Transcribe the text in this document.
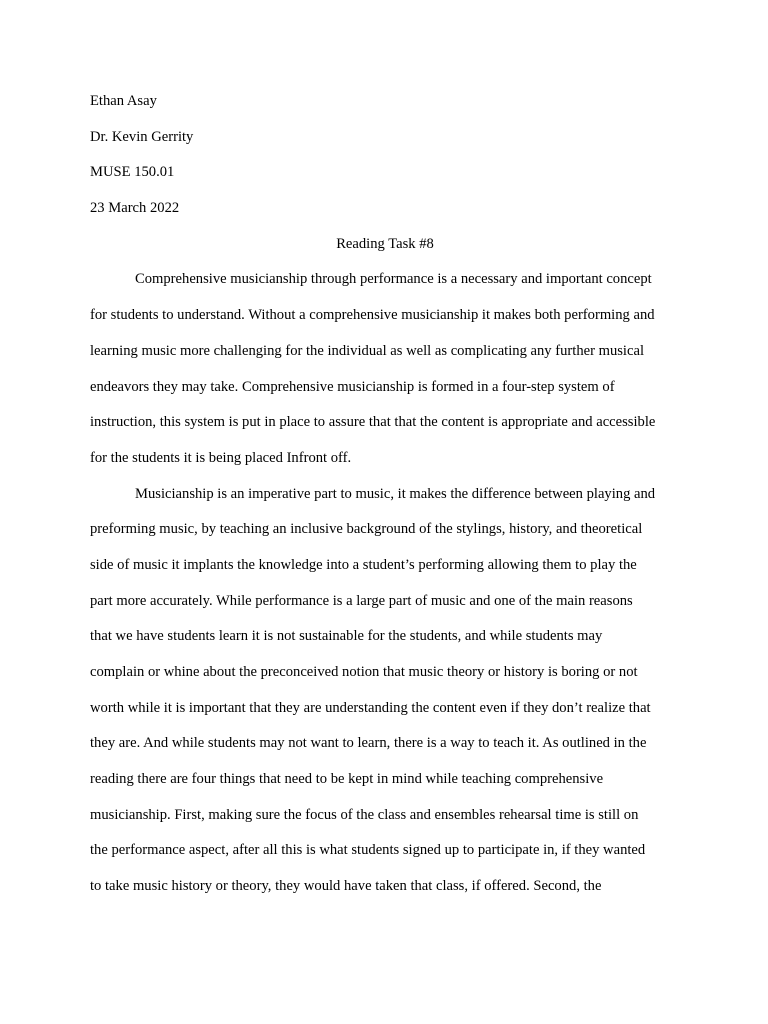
Ethan Asay
Dr. Kevin Gerrity
MUSE 150.01
23 March 2022
Reading Task #8
Comprehensive musicianship through performance is a necessary and important concept
for students to understand. Without a comprehensive musicianship it makes both performing and
learning music more challenging for the individual as well as complicating any further musical
endeavors they may take. Comprehensive musicianship is formed in a four-step system of
instruction, this system is put in place to assure that that the content is appropriate and accessible
for the students it is being placed Infront off.
Musicianship is an imperative part to music, it makes the difference between playing and
preforming music, by teaching an inclusive background of the stylings, history, and theoretical
side of music it implants the knowledge into a student’s performing allowing them to play the
part more accurately. While performance is a large part of music and one of the main reasons
that we have students learn it is not sustainable for the students, and while students may
complain or whine about the preconceived notion that music theory or history is boring or not
worth while it is important that they are understanding the content even if they don’t realize that
they are. And while students may not want to learn, there is a way to teach it. As outlined in the
reading there are four things that need to be kept in mind while teaching comprehensive
musicianship. First, making sure the focus of the class and ensembles rehearsal time is still on
the performance aspect, after all this is what students signed up to participate in, if they wanted
to take music history or theory, they would have taken that class, if offered. Second, the
